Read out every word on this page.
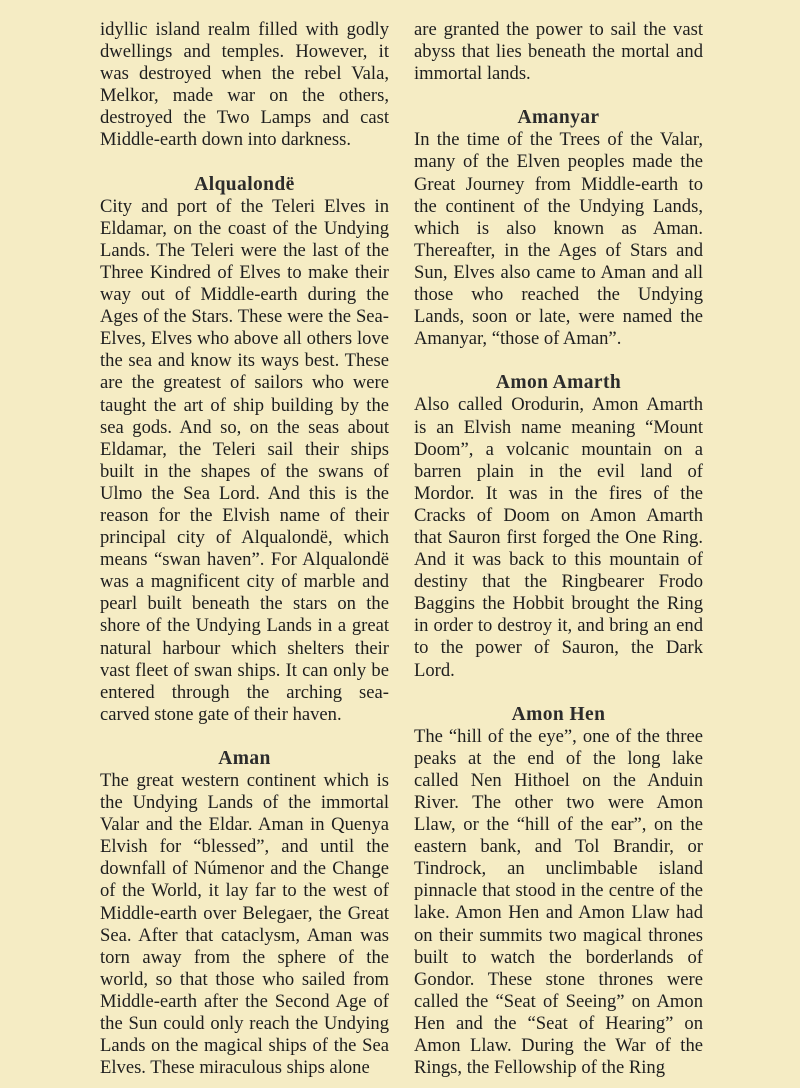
idyllic island realm filled with godly dwellings and temples. However, it was destroyed when the rebel Vala, Melkor, made war on the others, destroyed the Two Lamps and cast Middle-earth down into darkness.

Alqualondë

City and port of the Teleri Elves in Eldamar, on the coast of the Undying Lands. The Teleri were the last of the Three Kindred of Elves to make their way out of Middle-earth during the Ages of the Stars. These were the Sea-Elves, Elves who above all others love the sea and know its ways best. These are the greatest of sailors who were taught the art of ship building by the sea gods. And so, on the seas about Eldamar, the Teleri sail their ships built in the shapes of the swans of Ulmo the Sea Lord. And this is the reason for the Elvish name of their principal city of Alqualondë, which means “swan haven”. For Alqualondë was a magnificent city of marble and pearl built beneath the stars on the shore of the Undying Lands in a great natural harbour which shelters their vast fleet of swan ships. It can only be entered through the arching sea-carved stone gate of their haven.

Aman

The great western continent which is the Undying Lands of the immortal Valar and the Eldar. Aman in Quenya Elvish for “blessed”, and until the downfall of Númenor and the Change of the World, it lay far to the west of Middle-earth over Belegaer, the Great Sea. After that cataclysm, Aman was torn away from the sphere of the world, so that those who sailed from Middle-earth after the Second Age of the Sun could only reach the Undying Lands on the magical ships of the Sea Elves. These miraculous ships alone

are granted the power to sail the vast abyss that lies beneath the mortal and immortal lands.

Amanyar

In the time of the Trees of the Valar, many of the Elven peoples made the Great Journey from Middle-earth to the continent of the Undying Lands, which is also known as Aman. Thereafter, in the Ages of Stars and Sun, Elves also came to Aman and all those who reached the Undying Lands, soon or late, were named the Amanyar, “those of Aman”.

Amon Amarth

Also called Orodurin, Amon Amarth is an Elvish name meaning “Mount Doom”, a volcanic mountain on a barren plain in the evil land of Mordor. It was in the fires of the Cracks of Doom on Amon Amarth that Sauron first forged the One Ring. And it was back to this mountain of destiny that the Ringbearer Frodo Baggins the Hobbit brought the Ring in order to destroy it, and bring an end to the power of Sauron, the Dark Lord.

Amon Hen

The “hill of the eye”, one of the three peaks at the end of the long lake called Nen Hithoel on the Anduin River. The other two were Amon Llaw, or the “hill of the ear”, on the eastern bank, and Tol Brandir, or Tindrock, an unclimbable island pinnacle that stood in the centre of the lake. Amon Hen and Amon Llaw had on their summits two magical thrones built to watch the borderlands of Gondor. These stone thrones were called the “Seat of Seeing” on Amon Hen and the “Seat of Hearing” on Amon Llaw. During the War of the Rings, the Fellowship of the Ring
